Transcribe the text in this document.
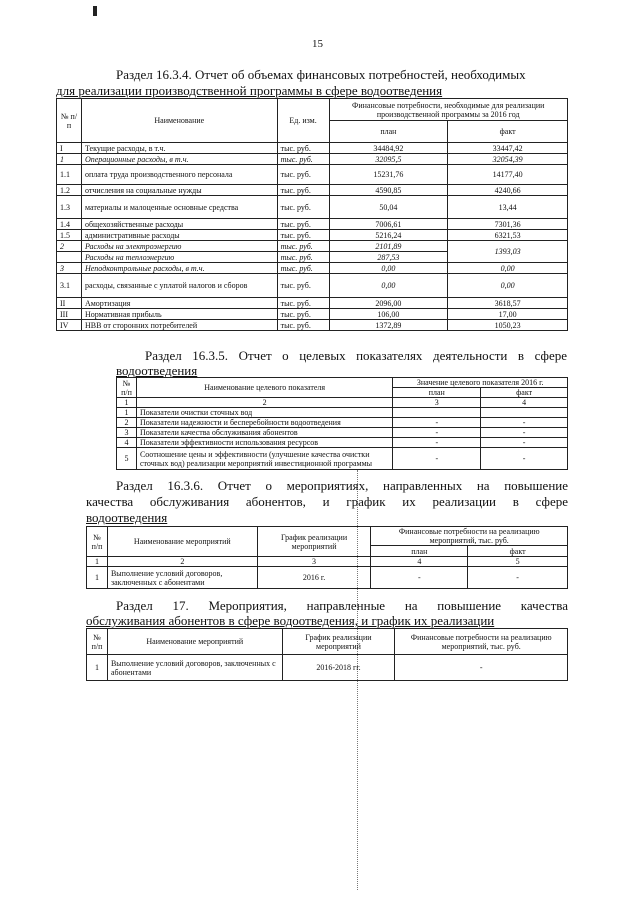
15
Раздел 16.3.4. Отчет об объемах финансовых потребностей, необходимых
для реализации производственной программы в сфере водоотведения
№ п/п	Наименование	Ед. изм.	Финансовые потребности, необходимые для реализации производственной программы за 2016 год	
			план	факт
I	Текущие расходы, в т.ч.	тыс. руб.	34484,92	33447,42
1	Операционные расходы, в т.ч.	тыс. руб.	32095,5	32054,39
1.1	оплата труда производственного персонала	тыс. руб.	15231,76	14177,40
1.2	отчисления на социальные нужды	тыс. руб.	4590,85	4240,66
1.3	материалы и малоценные основные средства	тыс. руб.	50,04	13,44
1.4	общехозяйственные расходы	тыс. руб.	7006,61	7301,36
1.5	административные расходы	тыс. руб.	5216,24	6321,53
2	Расходы на электроэнергию	тыс. руб.	2101,89	1393,03
	Расходы на теплоэнергию	тыс. руб.	287,53	
3	Неподконтрольные расходы, в т.ч.	тыс. руб.	0,00	0,00
3.1	расходы, связанные с уплатой налогов и сборов	тыс. руб.	0,00	0,00
II	Амортизация	тыс. руб.	2096,00	3618,57
III	Нормативная прибыль	тыс. руб.	106,00	17,00
IV	НВВ от сторонних потребителей	тыс. руб.	1372,89	1050,23
Раздел 16.3.5. Отчет о целевых показателях деятельности в сфере
водоотведения
№ п/п	Наименование целевого показателя	Значение целевого показателя 2016 г.	
		план	факт
1	2	3	4
1	Показатели очистки сточных вод		
2	Показатели надежности и бесперебойности водоотведения	-	-
3	Показатели качества обслуживания абонентов	-	-
4	Показатели эффективности использования ресурсов	-	-
5	Соотношение цены и эффективности (улучшение качества очистки сточных вод) реализации мероприятий инвестиционной программы	-	-
Раздел 16.3.6. Отчет о мероприятиях, направленных на повышение
качества обслуживания абонентов, и график их реализации в сфере
водоотведения
№ п/п	Наименование мероприятий	График реализации мероприятий	Финансовые потребности на реализацию мероприятий, тыс. руб.	
			план	факт
1	2	3	4	5
1	Выполнение условий договоров, заключенных с абонентами	2016 г.	-	-
Раздел 17. Мероприятия, направленные на повышение качества
обслуживания абонентов в сфере водоотведения, и график их реализации
№ п/п	Наименование мероприятий	График реализации мероприятий	Финансовые потребности на реализацию мероприятий, тыс. руб.
1	Выполнение условий договоров, заключенных с абонентами	2016-2018 гг.	-
